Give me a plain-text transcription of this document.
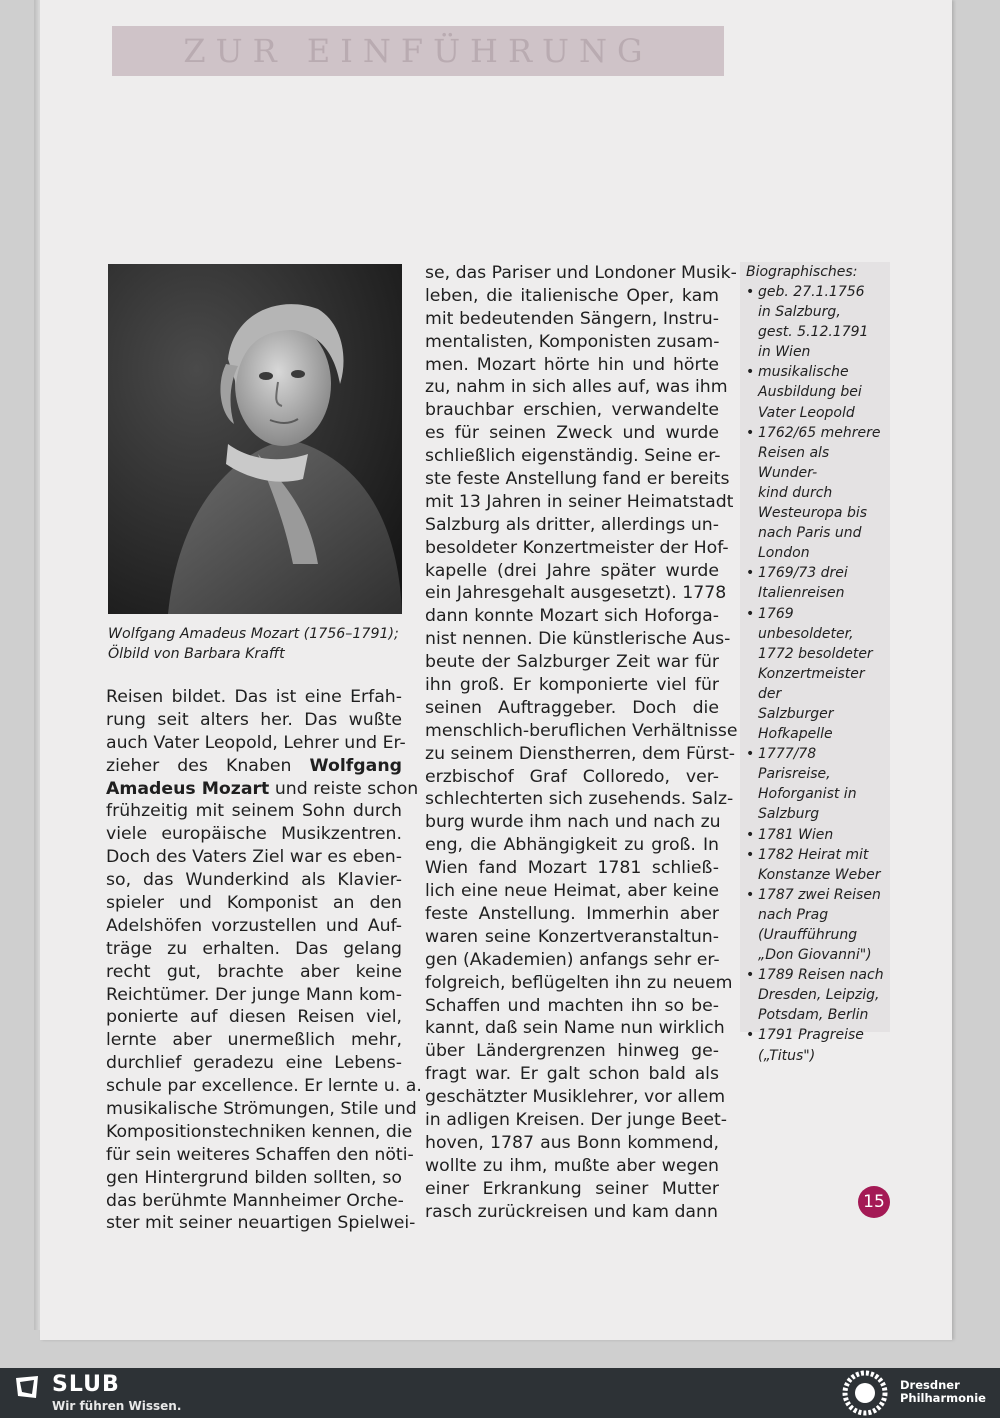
ZUR EINFÜHRUNG
Wolfgang Amadeus Mozart (1756–1791);
Ölbild von Barbara Krafft
Reisen bildet. Das ist eine Erfah-
rung seit alters her. Das wußte
auch Vater Leopold, Lehrer und Er-
zieher des Knaben Wolfgang
Amadeus Mozart und reiste schon
frühzeitig mit seinem Sohn durch
viele europäische Musikzentren.
Doch des Vaters Ziel war es eben-
so, das Wunderkind als Klavier-
spieler und Komponist an den
Adelshöfen vorzustellen und Auf-
träge zu erhalten. Das gelang
recht gut, brachte aber keine
Reichtümer. Der junge Mann kom-
ponierte auf diesen Reisen viel,
lernte aber unermeßlich mehr,
durchlief geradezu eine Lebens-
schule par excellence. Er lernte u. a.
musikalische Strömungen, Stile und
Kompositionstechniken kennen, die
für sein weiteres Schaffen den nöti-
gen Hintergrund bilden sollten, so
das berühmte Mannheimer Orche-
ster mit seiner neuartigen Spielwei-
se, das Pariser und Londoner Musik-
leben, die italienische Oper, kam
mit bedeutenden Sängern, Instru-
mentalisten, Komponisten zusam-
men. Mozart hörte hin und hörte
zu, nahm in sich alles auf, was ihm
brauchbar erschien, verwandelte
es für seinen Zweck und wurde
schließlich eigenständig. Seine er-
ste feste Anstellung fand er bereits
mit 13 Jahren in seiner Heimatstadt
Salzburg als dritter, allerdings un-
besoldeter Konzertmeister der Hof-
kapelle (drei Jahre später wurde
ein Jahresgehalt ausgesetzt). 1778
dann konnte Mozart sich Hoforga-
nist nennen. Die künstlerische Aus-
beute der Salzburger Zeit war für
ihn groß. Er komponierte viel für
seinen Auftraggeber. Doch die
menschlich-beruflichen Verhältnisse
zu seinem Dienstherren, dem Fürst-
erzbischof Graf Colloredo, ver-
schlechterten sich zusehends. Salz-
burg wurde ihm nach und nach zu
eng, die Abhängigkeit zu groß. In
Wien fand Mozart 1781 schließ-
lich eine neue Heimat, aber keine
feste Anstellung. Immerhin aber
waren seine Konzertveranstaltun-
gen (Akademien) anfangs sehr er-
folgreich, beflügelten ihn zu neuem
Schaffen und machten ihn so be-
kannt, daß sein Name nun wirklich
über Ländergrenzen hinweg ge-
fragt war. Er galt schon bald als
geschätzter Musiklehrer, vor allem
in adligen Kreisen. Der junge Beet-
hoven, 1787 aus Bonn kommend,
wollte zu ihm, mußte aber wegen
einer Erkrankung seiner Mutter
rasch zurückreisen und kam dann
Biographisches:
• geb. 27.1.1756
in Salzburg,
gest. 5.12.1791
in Wien
• musikalische
Ausbildung bei
Vater Leopold
• 1762/65 mehrere
Reisen als Wunder-
kind durch
Westeuropa bis
nach Paris und
London
• 1769/73 drei
Italienreisen
• 1769 unbesoldeter,
1772 besoldeter
Konzertmeister der
Salzburger
Hofkapelle
• 1777/78
Parisreise,
Hoforganist in
Salzburg
• 1781 Wien
• 1782 Heirat mit
Konstanze Weber
• 1787 zwei Reisen
nach Prag
(Uraufführung
„Don Giovanni")
• 1789 Reisen nach
Dresden, Leipzig,
Potsdam, Berlin
• 1791 Pragreise
(„Titus")
15
SLUB
Wir führen Wissen.
Dresdner
Philharmonie
